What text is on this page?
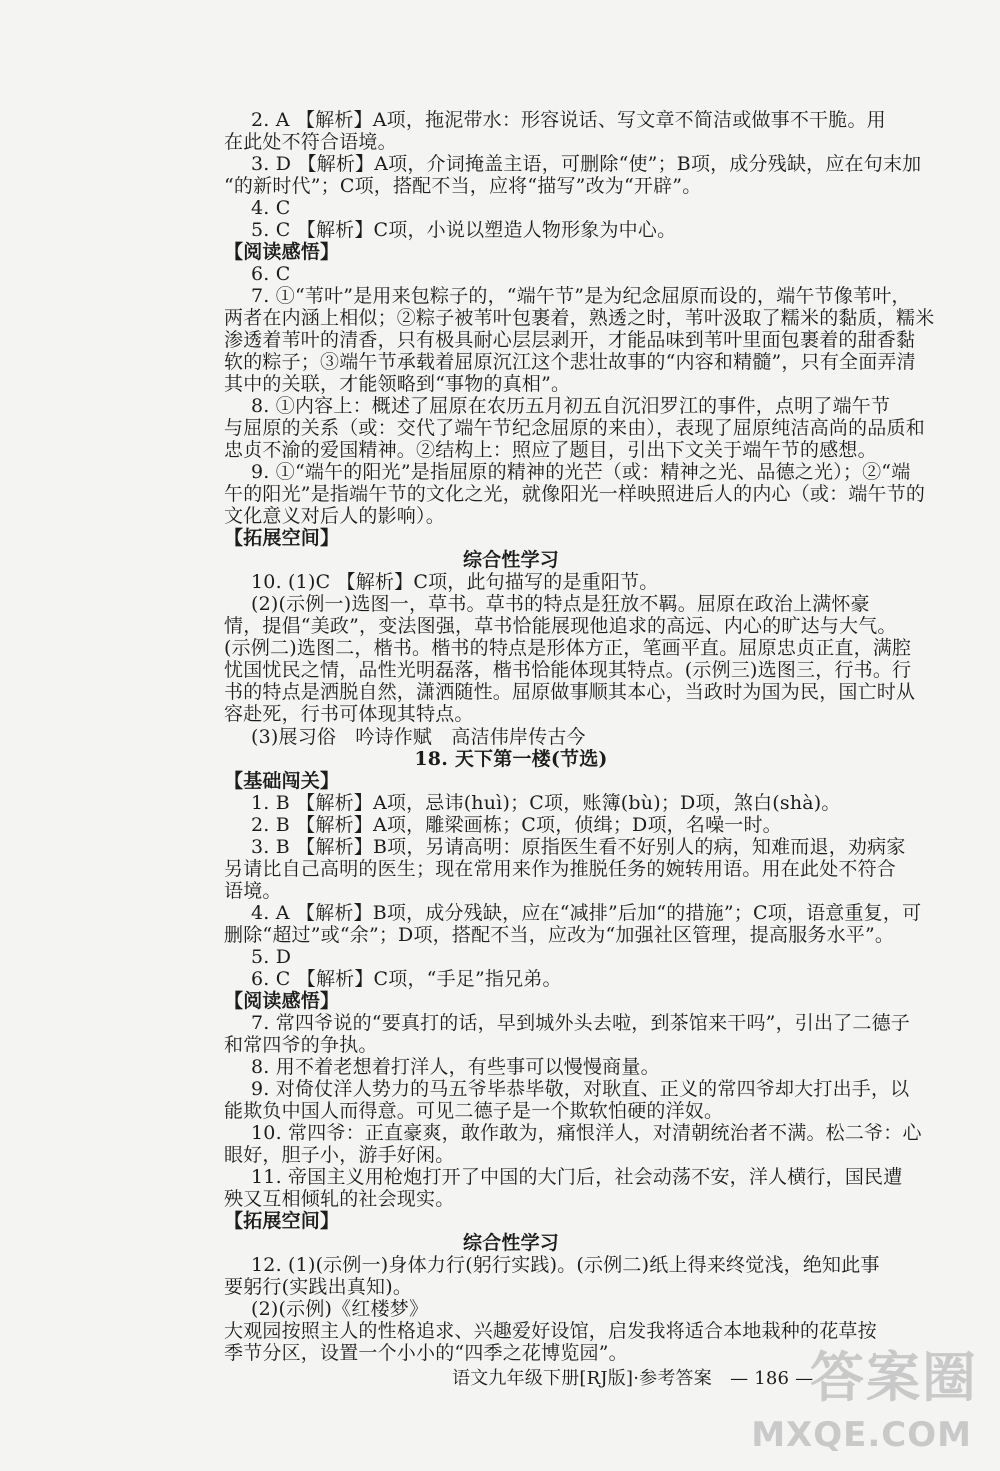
2. A 【解析】A项，拖泥带水：形容说话、写文章不简洁或做事不干脆。用
在此处不符合语境。
3. D 【解析】A项，介词掩盖主语，可删除“使”；B项，成分残缺，应在句末加
“的新时代”；C项，搭配不当，应将“描写”改为“开辟”。
4. C
5. C 【解析】C项，小说以塑造人物形象为中心。
【阅读感悟】
6. C
7. ①“苇叶”是用来包粽子的，“端午节”是为纪念屈原而设的，端午节像苇叶，
两者在内涵上相似；②粽子被苇叶包裹着，熟透之时，苇叶汲取了糯米的黏质，糯米
渗透着苇叶的清香，只有极具耐心层层剥开，才能品味到苇叶里面包裹着的甜香黏
软的粽子；③端午节承载着屈原沉江这个悲壮故事的“内容和精髓”，只有全面弄清
其中的关联，才能领略到“事物的真相”。
8. ①内容上：概述了屈原在农历五月初五自沉汨罗江的事件，点明了端午节
与屈原的关系（或：交代了端午节纪念屈原的来由），表现了屈原纯洁高尚的品质和
忠贞不渝的爱国精神。②结构上：照应了题目，引出下文关于端午节的感想。
9. ①“端午的阳光”是指屈原的精神的光芒（或：精神之光、品德之光）；②“端
午的阳光”是指端午节的文化之光，就像阳光一样映照进后人的内心（或：端午节的
文化意义对后人的影响）。
【拓展空间】
综合性学习
10. (1)C 【解析】C项，此句描写的是重阳节。
(2)(示例一)选图一，草书。草书的特点是狂放不羁。屈原在政治上满怀豪
情，提倡“美政”，变法图强，草书恰能展现他追求的高远、内心的旷达与大气。
(示例二)选图二，楷书。楷书的特点是形体方正，笔画平直。屈原忠贞正直，满腔
忧国忧民之情，品性光明磊落，楷书恰能体现其特点。(示例三)选图三，行书。行
书的特点是洒脱自然，潇洒随性。屈原做事顺其本心，当政时为国为民，国亡时从
容赴死，行书可体现其特点。
(3)展习俗　吟诗作赋　高洁伟岸传古今
18. 天下第一楼(节选)
【基础闯关】
1. B 【解析】A项，忌讳(huì)；C项，账簿(bù)；D项，煞白(shà)。
2. B 【解析】A项，雕梁画栋；C项，侦缉；D项，名噪一时。
3. B 【解析】B项，另请高明：原指医生看不好别人的病，知难而退，劝病家
另请比自己高明的医生；现在常用来作为推脱任务的婉转用语。用在此处不符合
语境。
4. A 【解析】B项，成分残缺，应在“减排”后加“的措施”；C项，语意重复，可
删除“超过”或“余”；D项，搭配不当，应改为“加强社区管理，提高服务水平”。
5. D
6. C 【解析】C项，“手足”指兄弟。
【阅读感悟】
7. 常四爷说的“要真打的话，早到城外头去啦，到茶馆来干吗”，引出了二德子
和常四爷的争执。
8. 用不着老想着打洋人，有些事可以慢慢商量。
9. 对倚仗洋人势力的马五爷毕恭毕敬，对耿直、正义的常四爷却大打出手，以
能欺负中国人而得意。可见二德子是一个欺软怕硬的洋奴。
10. 常四爷：正直豪爽，敢作敢为，痛恨洋人，对清朝统治者不满。松二爷：心
眼好，胆子小，游手好闲。
11. 帝国主义用枪炮打开了中国的大门后，社会动荡不安，洋人横行，国民遭
殃又互相倾轧的社会现实。
【拓展空间】
综合性学习
12. (1)(示例一)身体力行(躬行实践)。(示例二)纸上得来终觉浅，绝知此事
要躬行(实践出真知)。
(2)(示例)《红楼梦》
大观园按照主人的性格追求、兴趣爱好设馆，启发我将适合本地栽种的花草按
季节分区，设置一个小小的“四季之花博览园”。
语文九年级下册[RJ版]·参考答案　— 186 —
答案圈
MXQE.COM
